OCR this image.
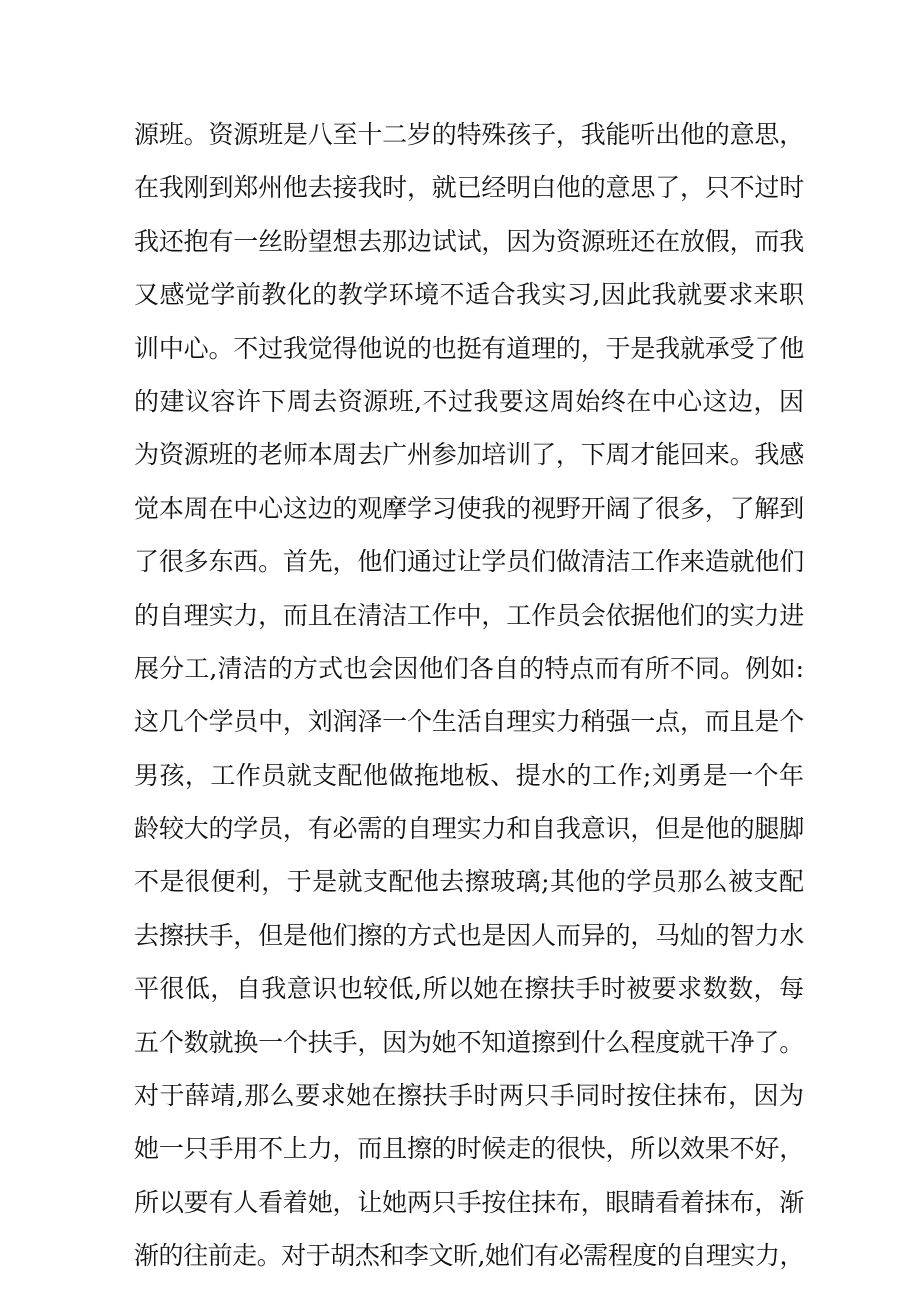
源班。资源班是八至十二岁的特殊孩子，我能听出他的意思，
在我刚到郑州他去接我时，就已经明白他的意思了，只不过时
我还抱有一丝盼望想去那边试试，因为资源班还在放假，而我
又感觉学前教化的教学环境不适合我实习,因此我就要求来职
训中心。不过我觉得他说的也挺有道理的，于是我就承受了他
的建议容许下周去资源班,不过我要这周始终在中心这边，因
为资源班的老师本周去广州参加培训了，下周才能回来。我感
觉本周在中心这边的观摩学习使我的视野开阔了很多，了解到
了很多东西。首先，他们通过让学员们做清洁工作来造就他们
的自理实力，而且在清洁工作中，工作员会依据他们的实力进
展分工,清洁的方式也会因他们各自的特点而有所不同。例如:
这几个学员中，刘润泽一个生活自理实力稍强一点，而且是个
男孩，工作员就支配他做拖地板、提水的工作;刘勇是一个年
龄较大的学员，有必需的自理实力和自我意识，但是他的腿脚
不是很便利，于是就支配他去擦玻璃;其他的学员那么被支配
去擦扶手，但是他们擦的方式也是因人而异的，马灿的智力水
平很低，自我意识也较低,所以她在擦扶手时被要求数数，每
五个数就换一个扶手，因为她不知道擦到什么程度就干净了。
对于薛靖,那么要求她在擦扶手时两只手同时按住抹布，因为
她一只手用不上力，而且擦的时候走的很快，所以效果不好，
所以要有人看着她，让她两只手按住抹布，眼睛看着抹布，渐
渐的往前走。对于胡杰和李文昕,她们有必需程度的自理实力，
